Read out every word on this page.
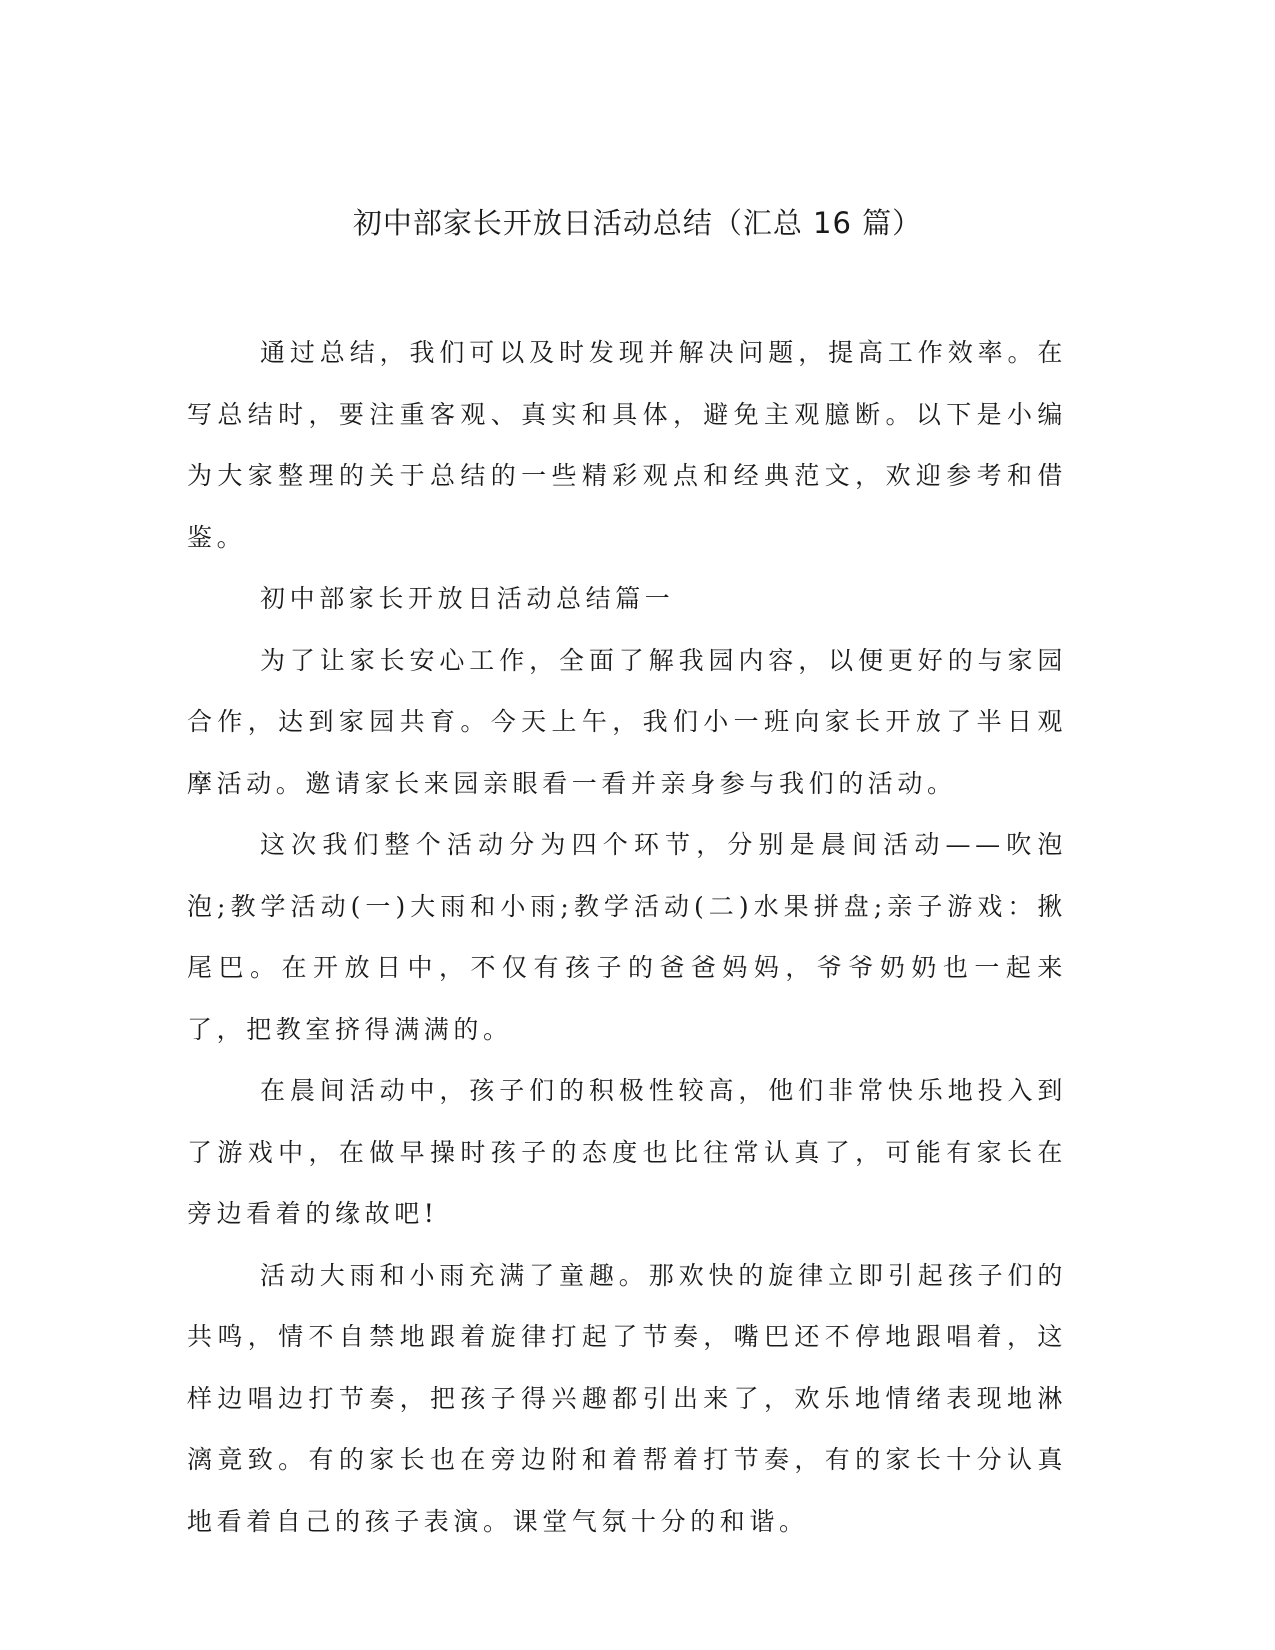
初中部家长开放日活动总结（汇总 16 篇）

通过总结，我们可以及时发现并解决问题，提高工作效率。在写总结时，要注重客观、真实和具体，避免主观臆断。以下是小编为大家整理的关于总结的一些精彩观点和经典范文，欢迎参考和借鉴。

初中部家长开放日活动总结篇一

为了让家长安心工作，全面了解我园内容，以便更好的与家园合作，达到家园共育。今天上午，我们小一班向家长开放了半日观摩活动。邀请家长来园亲眼看一看并亲身参与我们的活动。

这次我们整个活动分为四个环节，分别是晨间活动——吹泡泡;教学活动(一)大雨和小雨;教学活动(二)水果拼盘;亲子游戏：揪尾巴。在开放日中，不仅有孩子的爸爸妈妈，爷爷奶奶也一起来了，把教室挤得满满的。

在晨间活动中，孩子们的积极性较高，他们非常快乐地投入到了游戏中，在做早操时孩子的态度也比往常认真了，可能有家长在旁边看着的缘故吧!

活动大雨和小雨充满了童趣。那欢快的旋律立即引起孩子们的共鸣，情不自禁地跟着旋律打起了节奏，嘴巴还不停地跟唱着，这样边唱边打节奏，把孩子得兴趣都引出来了，欢乐地情绪表现地淋漓竟致。有的家长也在旁边附和着帮着打节奏，有的家长十分认真地看着自己的孩子表演。课堂气氛十分的和谐。
